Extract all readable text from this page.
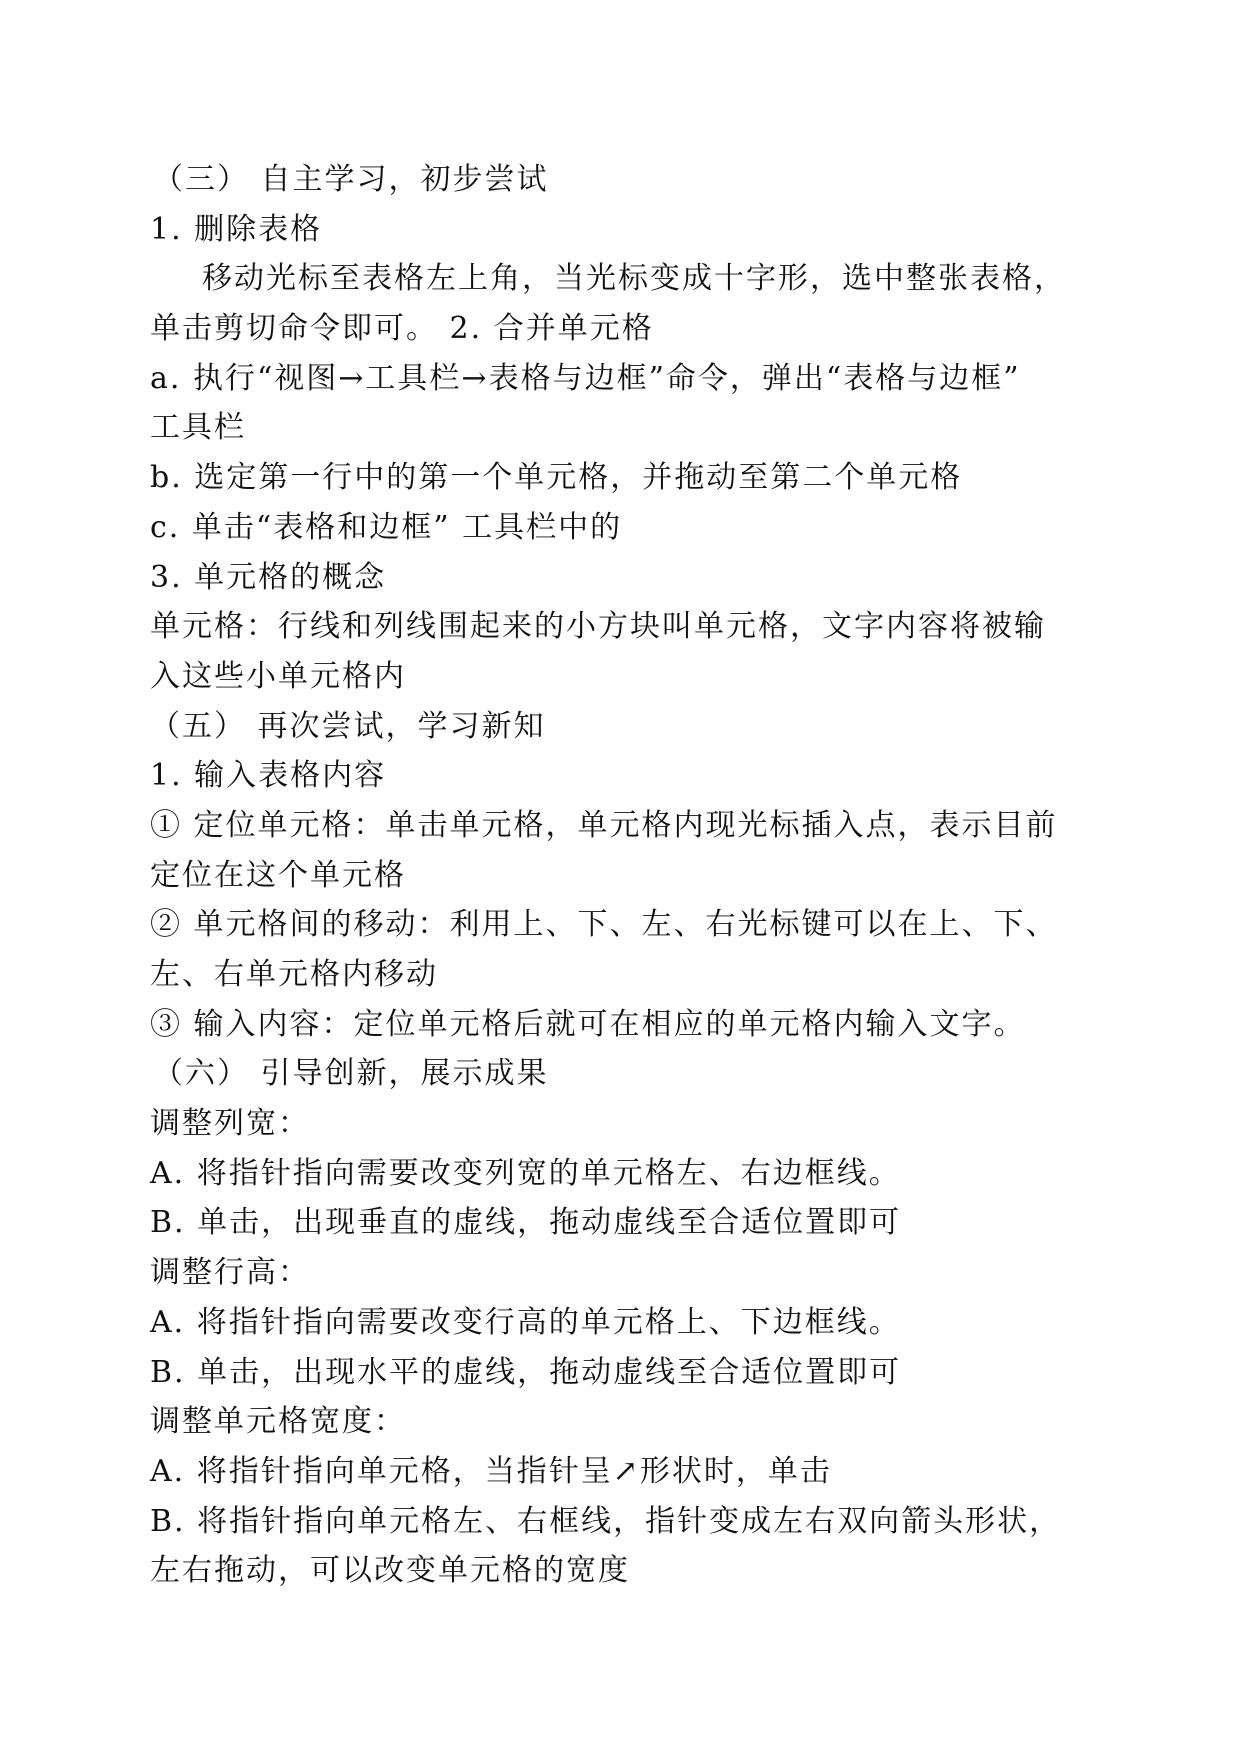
（三） 自主学习，初步尝试
1. 删除表格
移动光标至表格左上角，当光标变成十字形，选中整张表格，
单击剪切命令即可。 2. 合并单元格
a. 执行“视图→工具栏→表格与边框”命令，弹出“表格与边框”
工具栏
b. 选定第一行中的第一个单元格，并拖动至第二个单元格
c. 单击“表格和边框” 工具栏中的
3. 单元格的概念
单元格：行线和列线围起来的小方块叫单元格，文字内容将被输
入这些小单元格内
（五） 再次尝试，学习新知
1. 输入表格内容
① 定位单元格：单击单元格，单元格内现光标插入点，表示目前
定位在这个单元格
② 单元格间的移动：利用上、下、左、右光标键可以在上、下、
左、右单元格内移动
③ 输入内容：定位单元格后就可在相应的单元格内输入文字。
（六） 引导创新，展示成果
调整列宽：
A. 将指针指向需要改变列宽的单元格左、右边框线。
B. 单击，出现垂直的虚线，拖动虚线至合适位置即可
调整行高：
A. 将指针指向需要改变行高的单元格上、下边框线。
B. 单击，出现水平的虚线，拖动虚线至合适位置即可
调整单元格宽度：
A. 将指针指向单元格，当指针呈↗形状时，单击
B. 将指针指向单元格左、右框线，指针变成左右双向箭头形状，
左右拖动，可以改变单元格的宽度
